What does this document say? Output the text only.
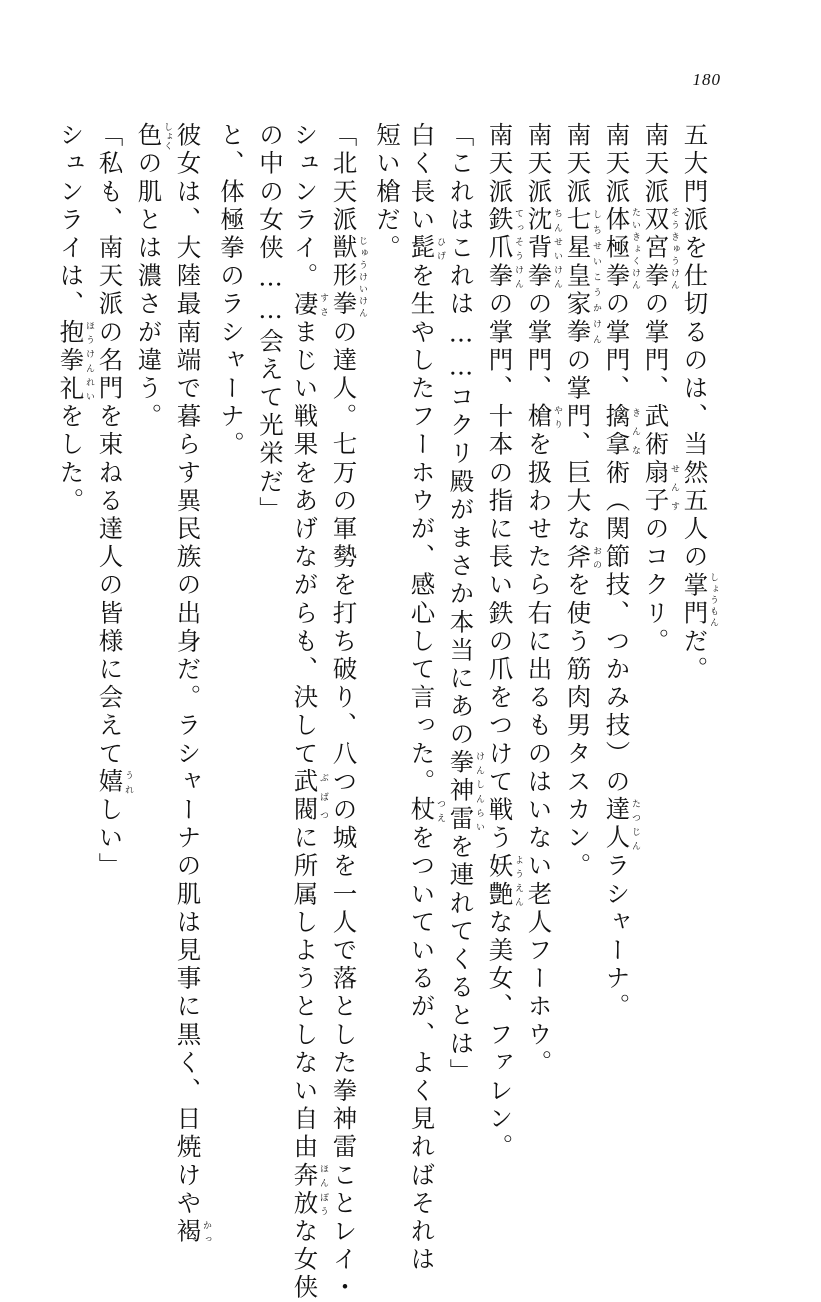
180
五大門派を仕切るのは、当然五人の掌門しょうもんだ。
南天派双宮拳そうきゅうけんの掌門、武術扇子せんすのコクリ。
南天派体極拳たいきょくけんの掌門、擒拿きんな術（関節技、つかみ技）の達人たつじんラシャーナ。
南天派七星皇家拳しちせいこうかけんの掌門、巨大な斧おのを使う筋肉男タスカン。
南天派沈背拳ちんせいけんの掌門、槍やりを扱わせたら右に出るものはいない老人フーホウ。
南天派鉄爪拳てっそうけんの掌門、十本の指に長い鉄の爪をつけて戦う妖艶ようえんな美女、ファレン。
「これはこれは……コクリ殿がまさか本当にあの拳神雷けんしんらいを連れてくるとは」
白く長い髭ひげを生やしたフーホウが、感心して言った。杖つえをついているが、よく見ればそれは
短い槍だ。
「北天派獣形拳じゅうけいけんの達人。七万の軍勢を打ち破り、八つの城を一人で落とした拳神雷ことレイ・
シュンライ。凄すさまじい戦果をあげながらも、決して武閥ぶばつに所属しようとしない自由奔放ほんぽうな女侠
の中の女侠……会えて光栄だ」
と、体極拳のラシャーナ。
彼女は、大陸最南端で暮らす異民族の出身だ。ラシャーナの肌は見事に黒く、日焼けや褐かっ
色しょくの肌とは濃さが違う。
「私も、南天派の名門を束ねる達人の皆様に会えて嬉うれしい」
シュンライは、抱拳礼ほうけんれいをした。
